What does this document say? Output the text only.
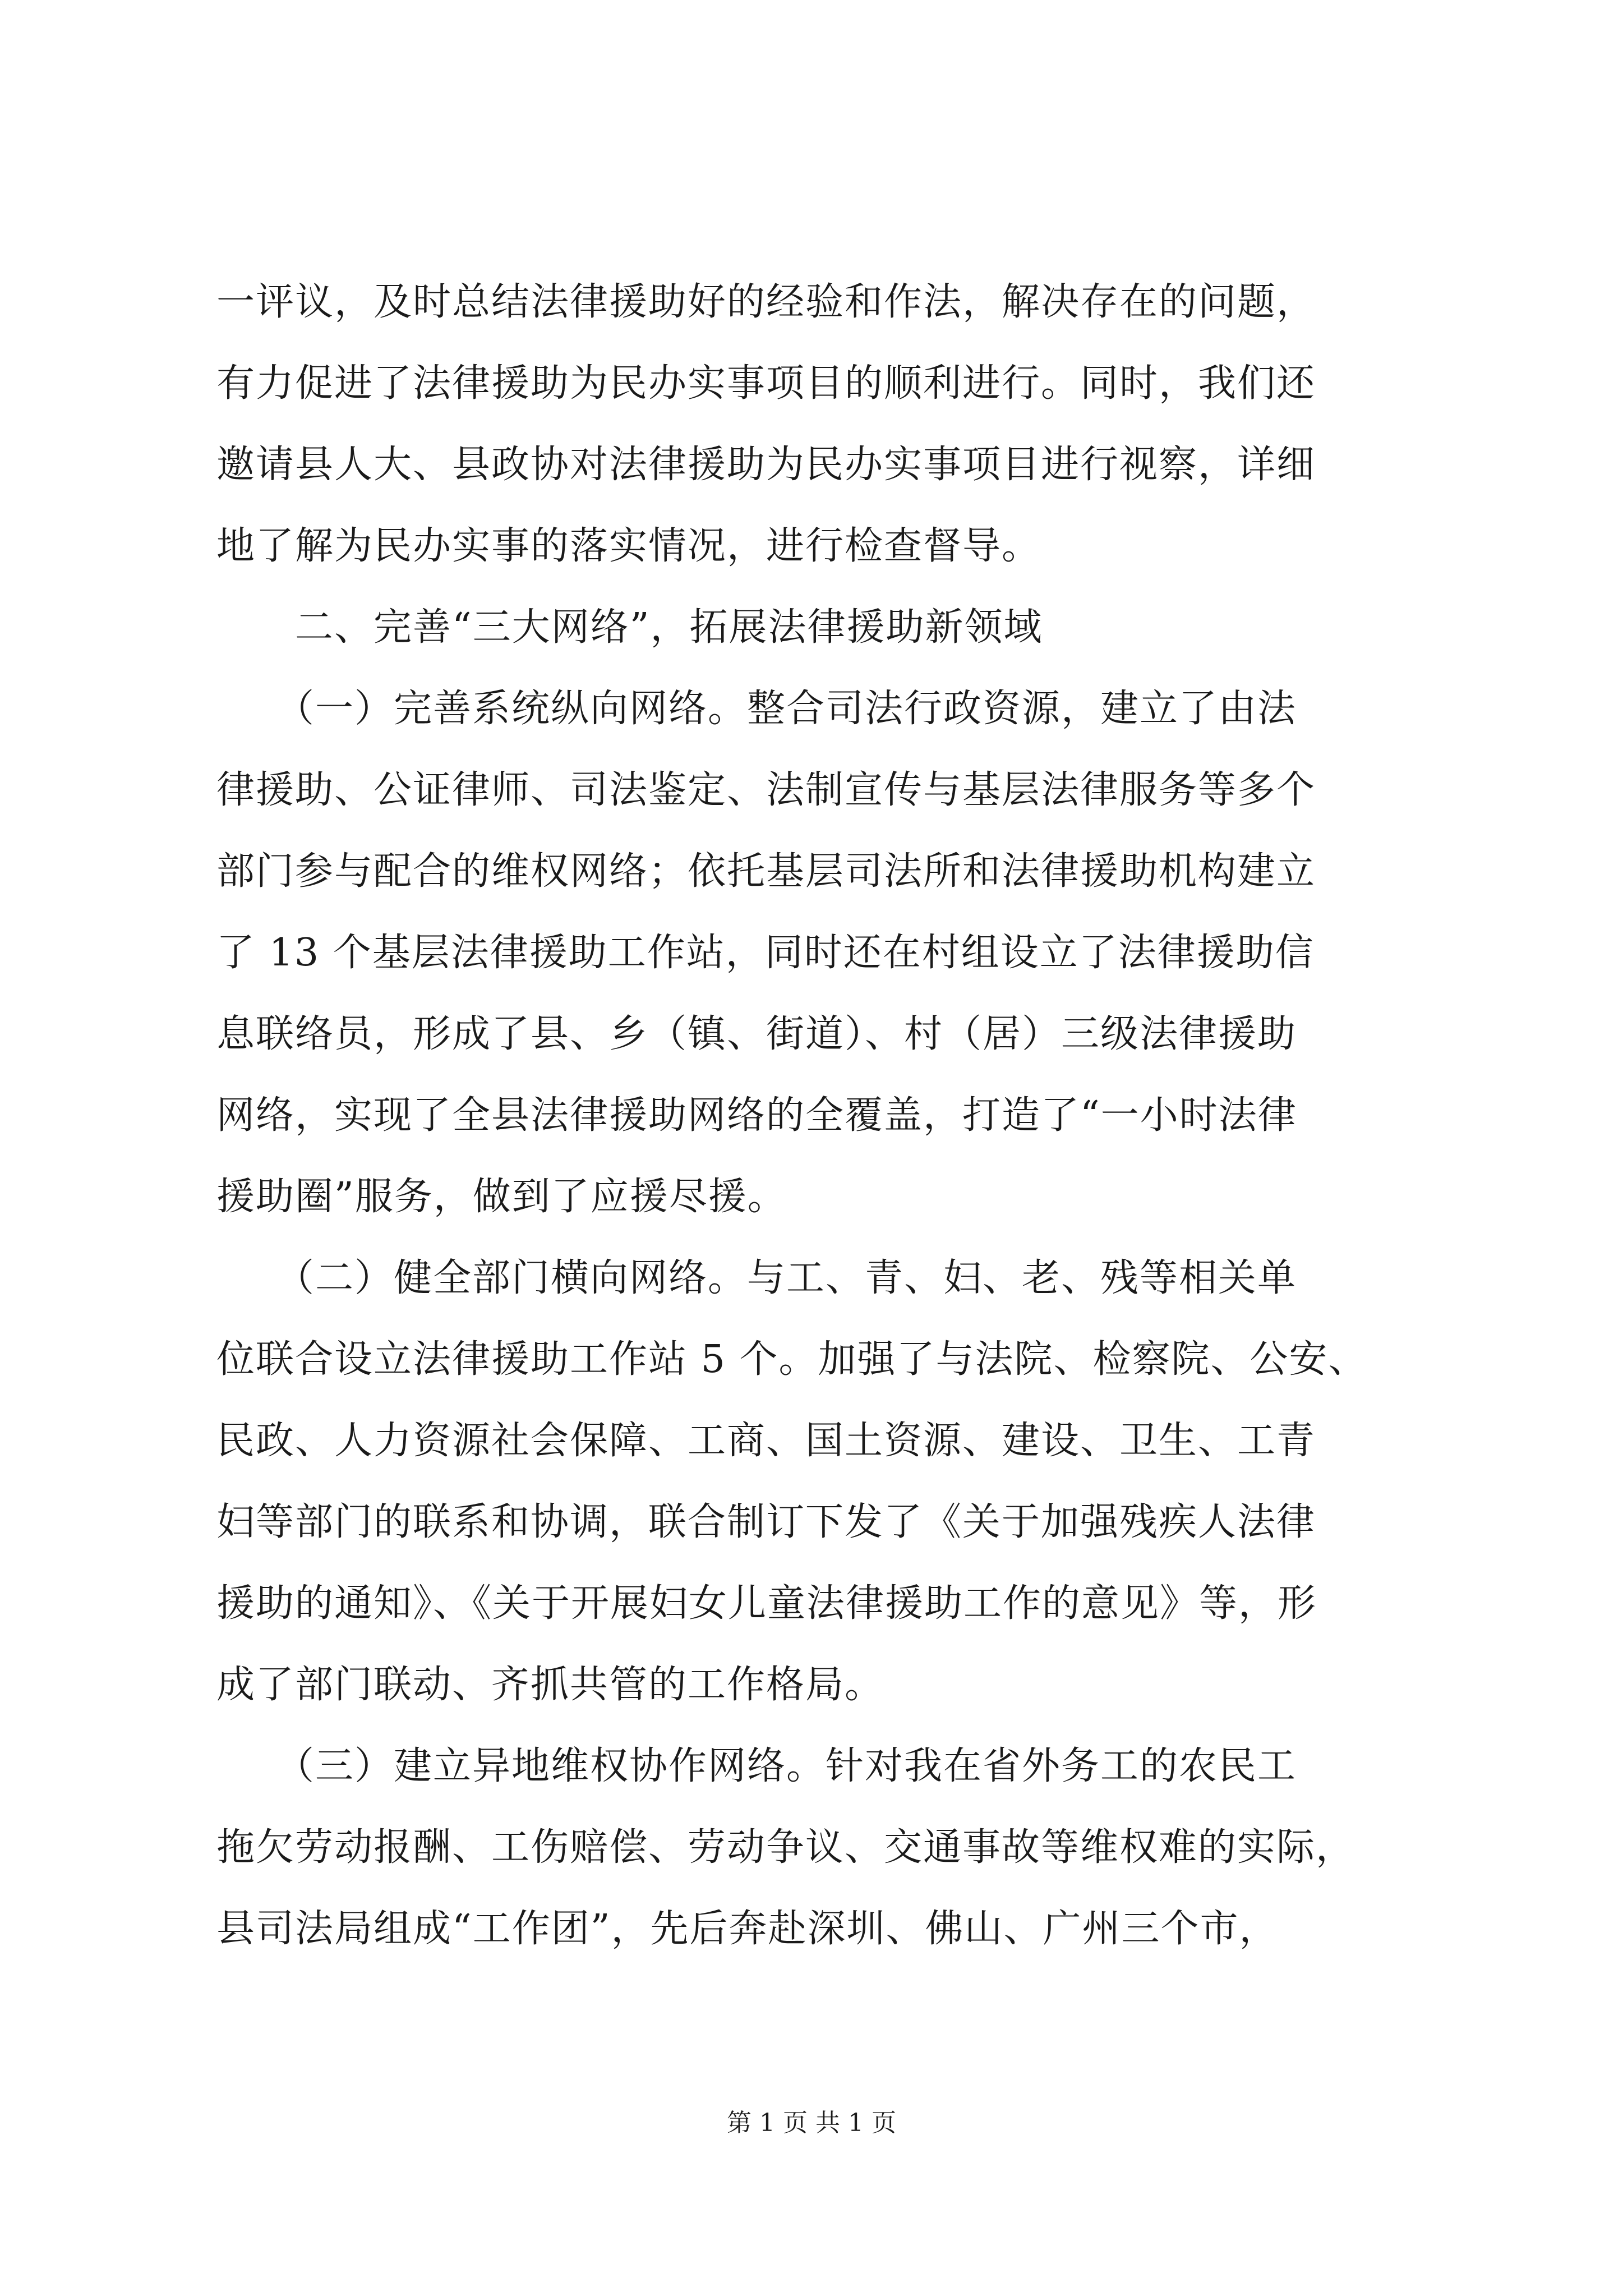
一评议，及时总结法律援助好的经验和作法，解决存在的问题，
有力促进了法律援助为民办实事项目的顺利进行。同时，我们还
邀请县人大、县政协对法律援助为民办实事项目进行视察，详细
地了解为民办实事的落实情况，进行检查督导。
　　二、完善“三大网络”，拓展法律援助新领域
　　（一）完善系统纵向网络。整合司法行政资源，建立了由法
律援助、公证律师、司法鉴定、法制宣传与基层法律服务等多个
部门参与配合的维权网络；依托基层司法所和法律援助机构建立
了 13 个基层法律援助工作站，同时还在村组设立了法律援助信
息联络员，形成了县、乡（镇、街道）、村（居）三级法律援助
网络，实现了全县法律援助网络的全覆盖，打造了“一小时法律
援助圈”服务，做到了应援尽援。
　　（二）健全部门横向网络。与工、青、妇、老、残等相关单
位联合设立法律援助工作站 5 个。加强了与法院、检察院、公安、
民政、人力资源社会保障、工商、国土资源、建设、卫生、工青
妇等部门的联系和协调，联合制订下发了《关于加强残疾人法律
援助的通知》、《关于开展妇女儿童法律援助工作的意见》等，形
成了部门联动、齐抓共管的工作格局。
　　（三）建立异地维权协作网络。针对我在省外务工的农民工
拖欠劳动报酬、工伤赔偿、劳动争议、交通事故等维权难的实际，
县司法局组成“工作团”，先后奔赴深圳、佛山、广州三个市，
第 1 页 共 1 页
